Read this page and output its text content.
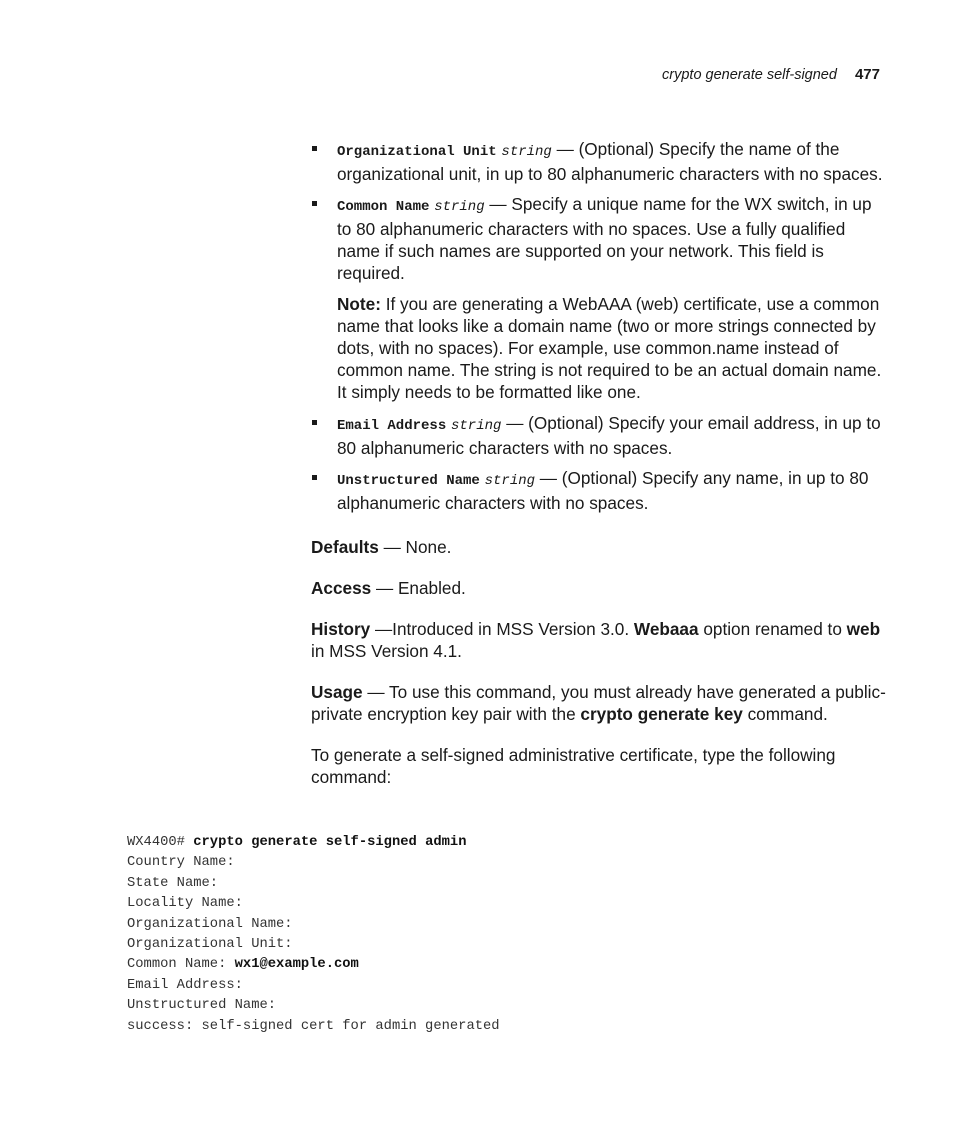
crypto generate self-signed 477
Organizational Unit string — (Optional) Specify the name of the organizational unit, in up to 80 alphanumeric characters with no spaces.
Common Name string — Specify a unique name for the WX switch, in up to 80 alphanumeric characters with no spaces. Use a fully qualified name if such names are supported on your network. This field is required.
Note: If you are generating a WebAAA (web) certificate, use a common name that looks like a domain name (two or more strings connected by dots, with no spaces). For example, use common.name instead of common name. The string is not required to be an actual domain name. It simply needs to be formatted like one.
Email Address string — (Optional) Specify your email address, in up to 80 alphanumeric characters with no spaces.
Unstructured Name string — (Optional) Specify any name, in up to 80 alphanumeric characters with no spaces.
Defaults — None.
Access — Enabled.
History —Introduced in MSS Version 3.0. Webaaa option renamed to web in MSS Version 4.1.
Usage — To use this command, you must already have generated a public-private encryption key pair with the crypto generate key command.
To generate a self-signed administrative certificate, type the following command:
WX4400# crypto generate self-signed admin
Country Name:
State Name:
Locality Name:
Organizational Name:
Organizational Unit:
Common Name: wx1@example.com
Email Address:
Unstructured Name:
success: self-signed cert for admin generated
